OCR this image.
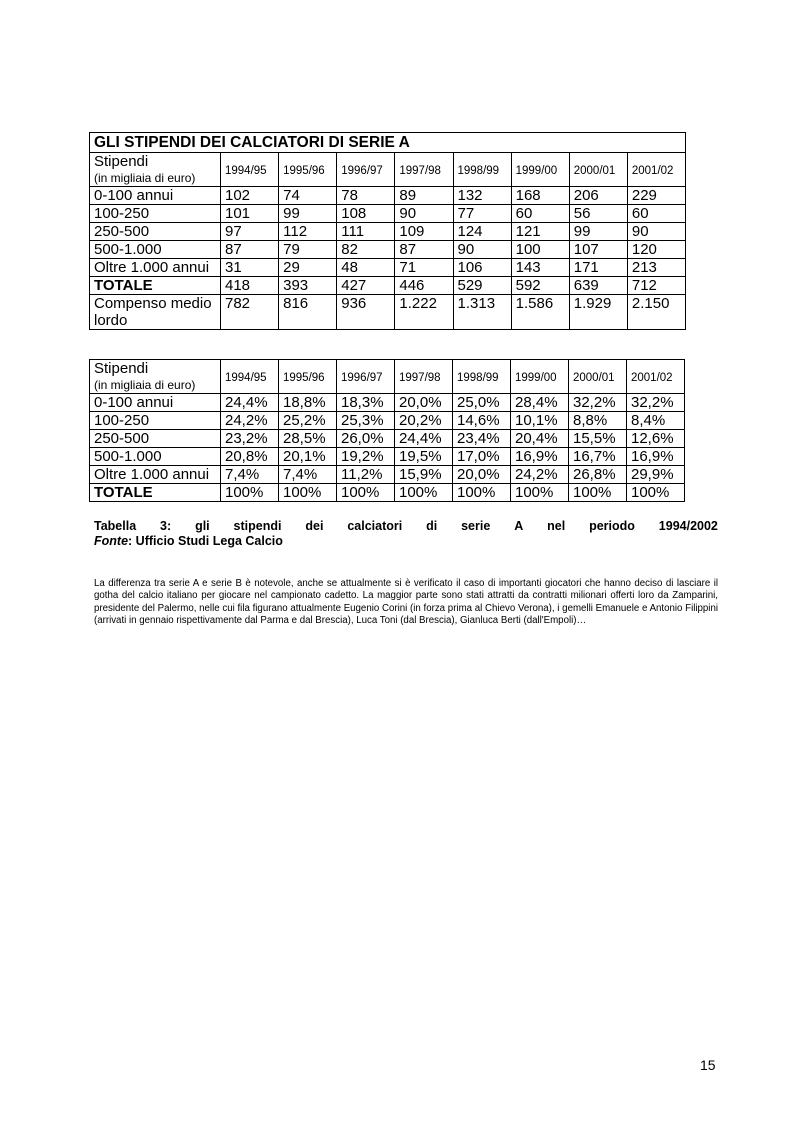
GLI STIPENDI DEI CALCIATORI DI SERIE A								
Stipendi
(in migliaia di euro)	1994/95	1995/96	1996/97	1997/98	1998/99	1999/00	2000/01	2001/02
0-100 annui	102	74	78	89	132	168	206	229
100-250	101	99	108	90	77	60	56	60
250-500	97	112	111	109	124	121	99	90
500-1.000	87	79	82	87	90	100	107	120
Oltre 1.000 annui	31	29	48	71	106	143	171	213
TOTALE	418	393	427	446	529	592	639	712
Compenso medio lordo	782	816	936	1.222	1.313	1.586	1.929	2.150
Stipendi
(in migliaia di euro)	1994/95	1995/96	1996/97	1997/98	1998/99	1999/00	2000/01	2001/02
0-100 annui	24,4%	18,8%	18,3%	20,0%	25,0%	28,4%	32,2%	32,2%
100-250	24,2%	25,2%	25,3%	20,2%	14,6%	10,1%	8,8%	8,4%
250-500	23,2%	28,5%	26,0%	24,4%	23,4%	20,4%	15,5%	12,6%
500-1.000	20,8%	20,1%	19,2%	19,5%	17,0%	16,9%	16,7%	16,9%
Oltre 1.000 annui	7,4%	7,4%	11,2%	15,9%	20,0%	24,2%	26,8%	29,9%
TOTALE	100%	100%	100%	100%	100%	100%	100%	100%
Tabella 3: gli stipendi dei calciatori di serie A nel periodo 1994/2002
Fonte: Ufficio Studi Lega Calcio
La differenza tra serie A e serie B è notevole, anche se attualmente si è verificato il caso di importanti giocatori che hanno deciso di lasciare il gotha del calcio italiano per giocare nel campionato cadetto. La maggior parte sono stati attratti da contratti milionari offerti loro da Zamparini, presidente del Palermo, nelle cui fila figurano attualmente Eugenio Corini (in forza prima al Chievo Verona), i gemelli Emanuele e Antonio Filippini (arrivati in gennaio rispettivamente dal Parma e dal Brescia), Luca Toni (dal Brescia), Gianluca Berti (dall'Empoli)…
15
